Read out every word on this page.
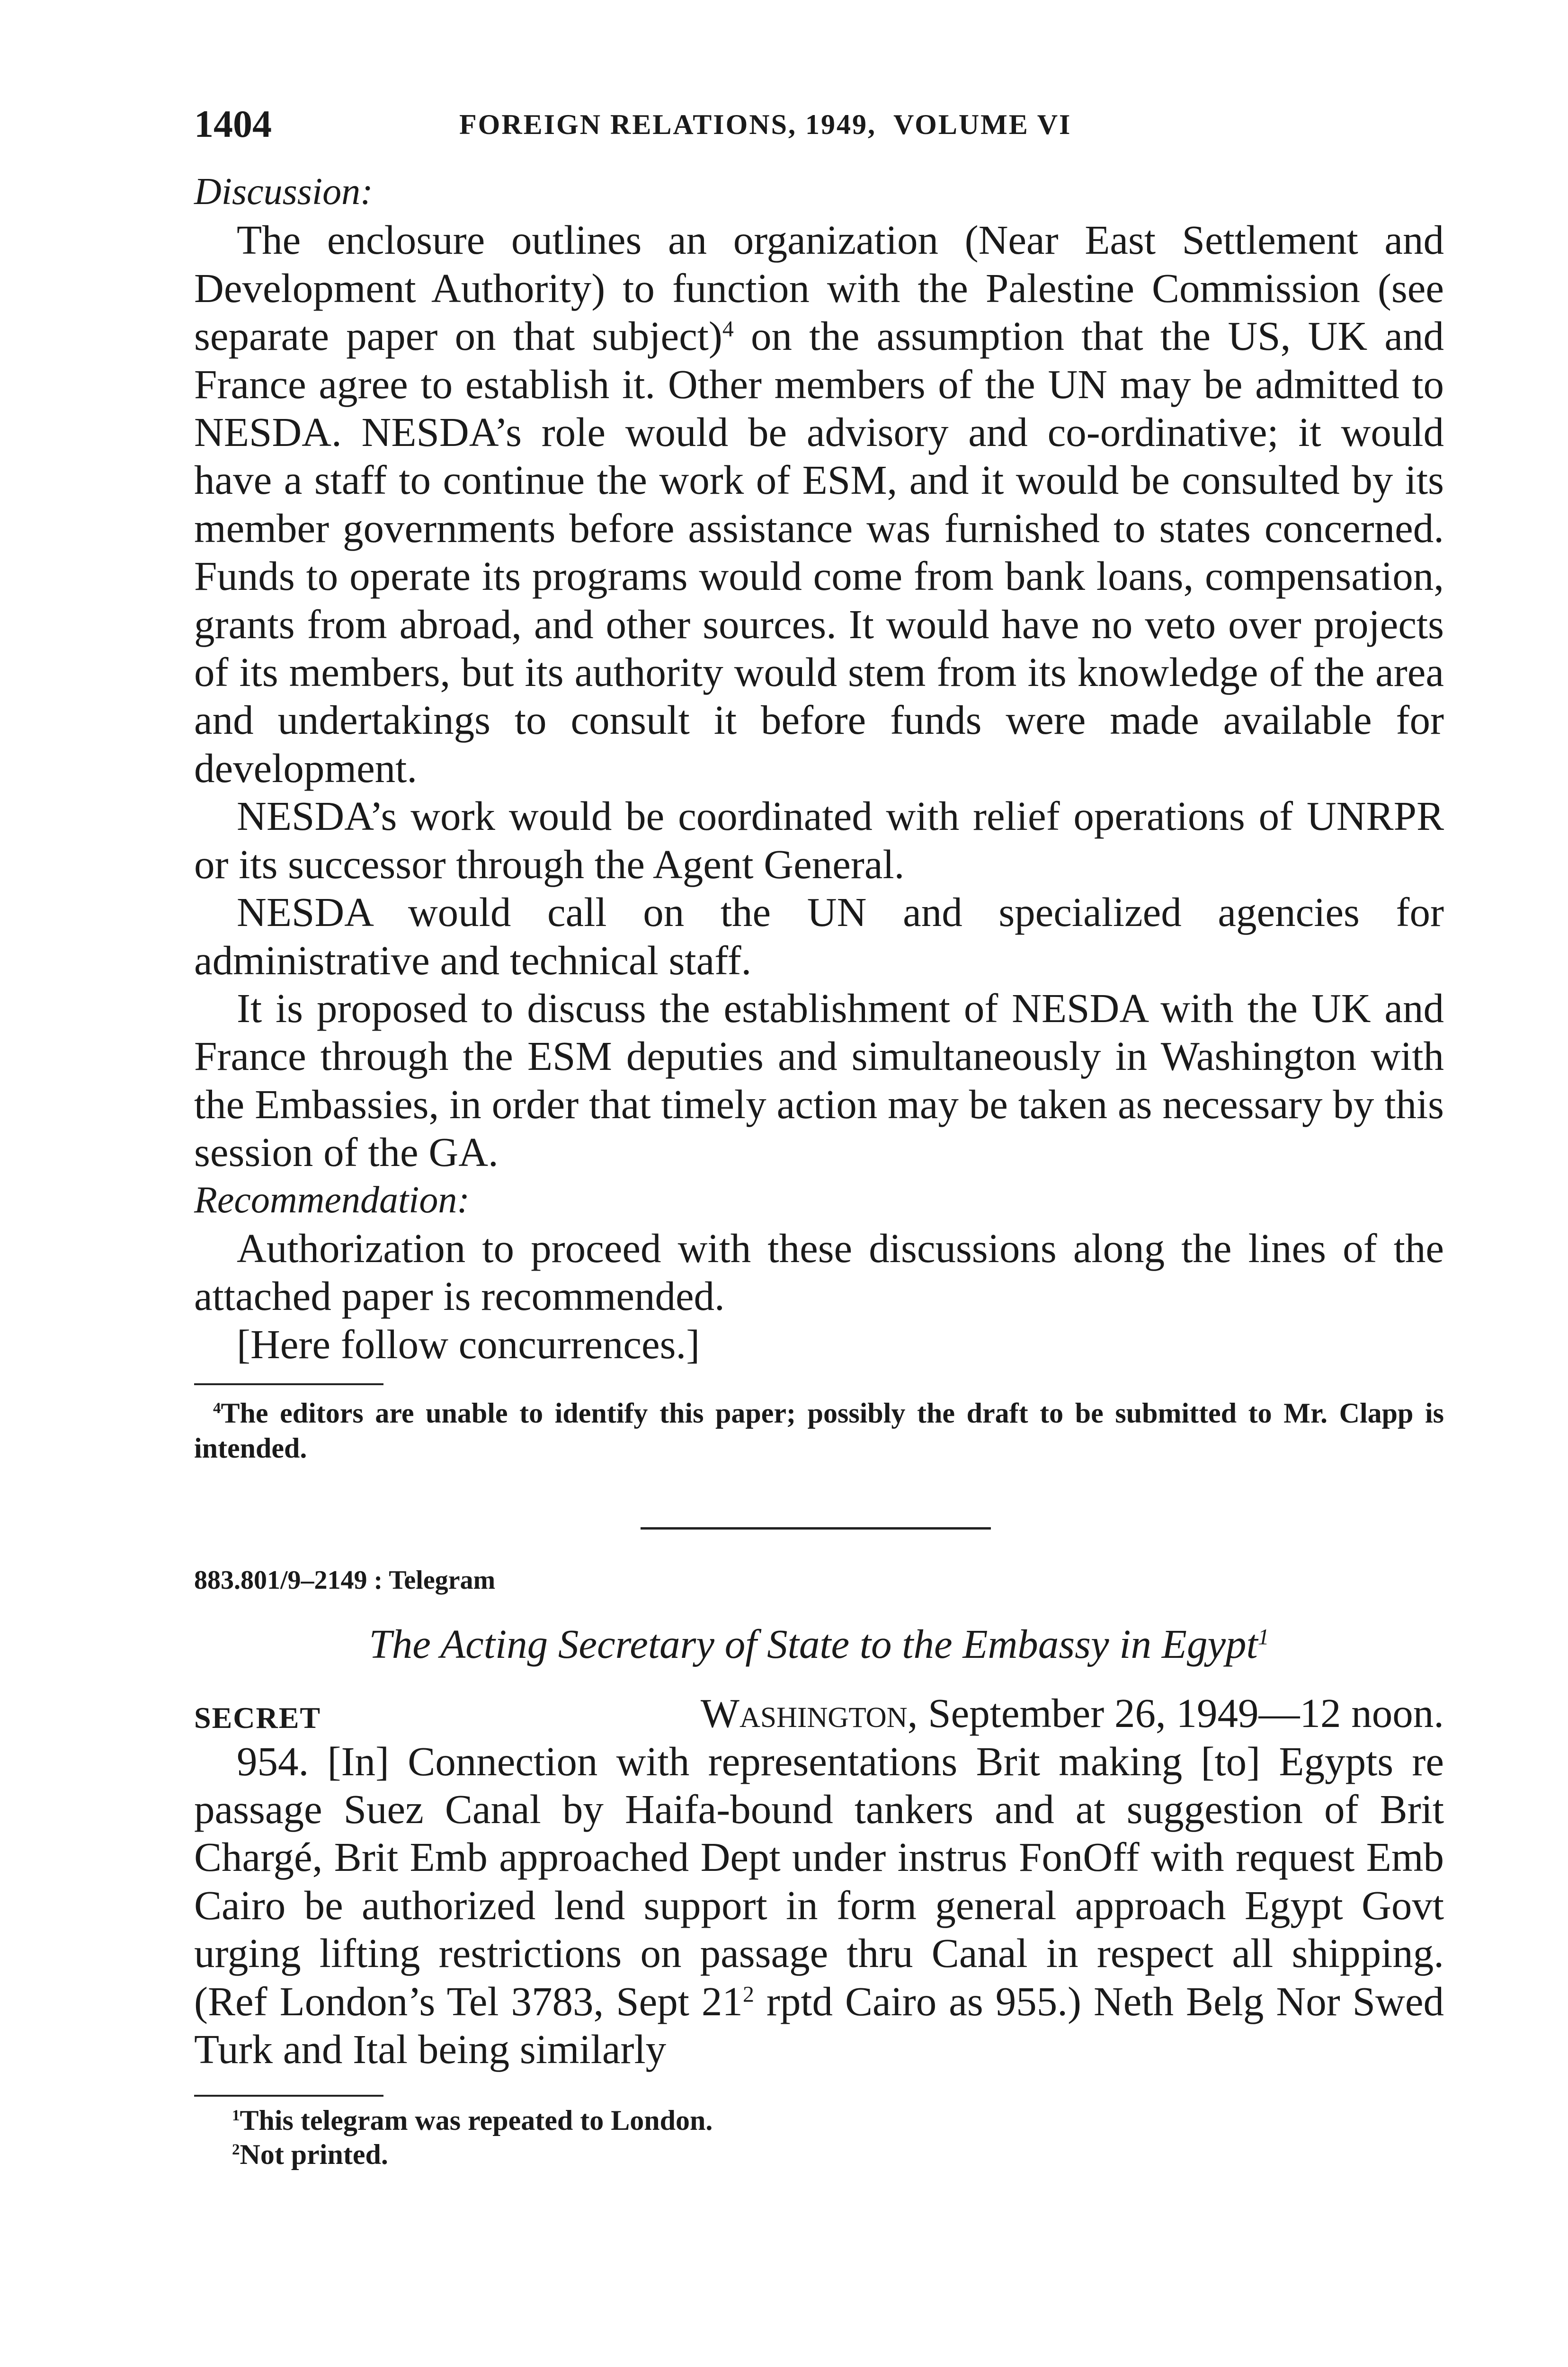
1404	FOREIGN RELATIONS, 1949, VOLUME VI
Discussion:

The enclosure outlines an organization (Near East Settlement and Development Authority) to function with the Palestine Commission (see separate paper on that subject)$^4$ on the assumption that the US, UK and France agree to establish it. Other members of the UN may be admitted to NESDA. NESDA’s role would be advisory and co-ordinative; it would have a staff to continue the work of ESM, and it would be consulted by its member governments before assistance was furnished to states concerned. Funds to operate its programs would come from bank loans, compensation, grants from abroad, and other sources. It would have no veto over projects of its members, but its authority would stem from its knowledge of the area and undertakings to consult it before funds were made available for development.

NESDA’s work would be coordinated with relief operations of UNRPR or its successor through the Agent General.

NESDA would call on the UN and specialized agencies for administrative and technical staff.

It is proposed to discuss the establishment of NESDA with the UK and France through the ESM deputies and simultaneously in Washington with the Embassies, in order that timely action may be taken as necessary by this session of the GA.

Recommendation:

Authorization to proceed with these discussions along the lines of the attached paper is recommended.

[Here follow concurrences.]

$^4$The editors are unable to identify this paper; possibly the draft to be submitted to Mr. Clapp is intended.

883.801/9–2149 : Telegram
The Acting Secretary of State to the Embassy in Egypt$^1$
SECRET	Washington, September 26, 1949—12 noon.

954. [In] Connection with representations Brit making [to] Egypts re passage Suez Canal by Haifa-bound tankers and at suggestion of Brit Chargé, Brit Emb approached Dept under instrus FonOff with request Emb Cairo be authorized lend support in form general approach Egypt Govt urging lifting restrictions on passage thru Canal in respect all shipping. (Ref London’s Tel 3783, Sept $21^2$ rptd Cairo as 955.) Neth Belg Nor Swed Turk and Ital being similarly

$^1$This telegram was repeated to London.

$^2$Not printed.
